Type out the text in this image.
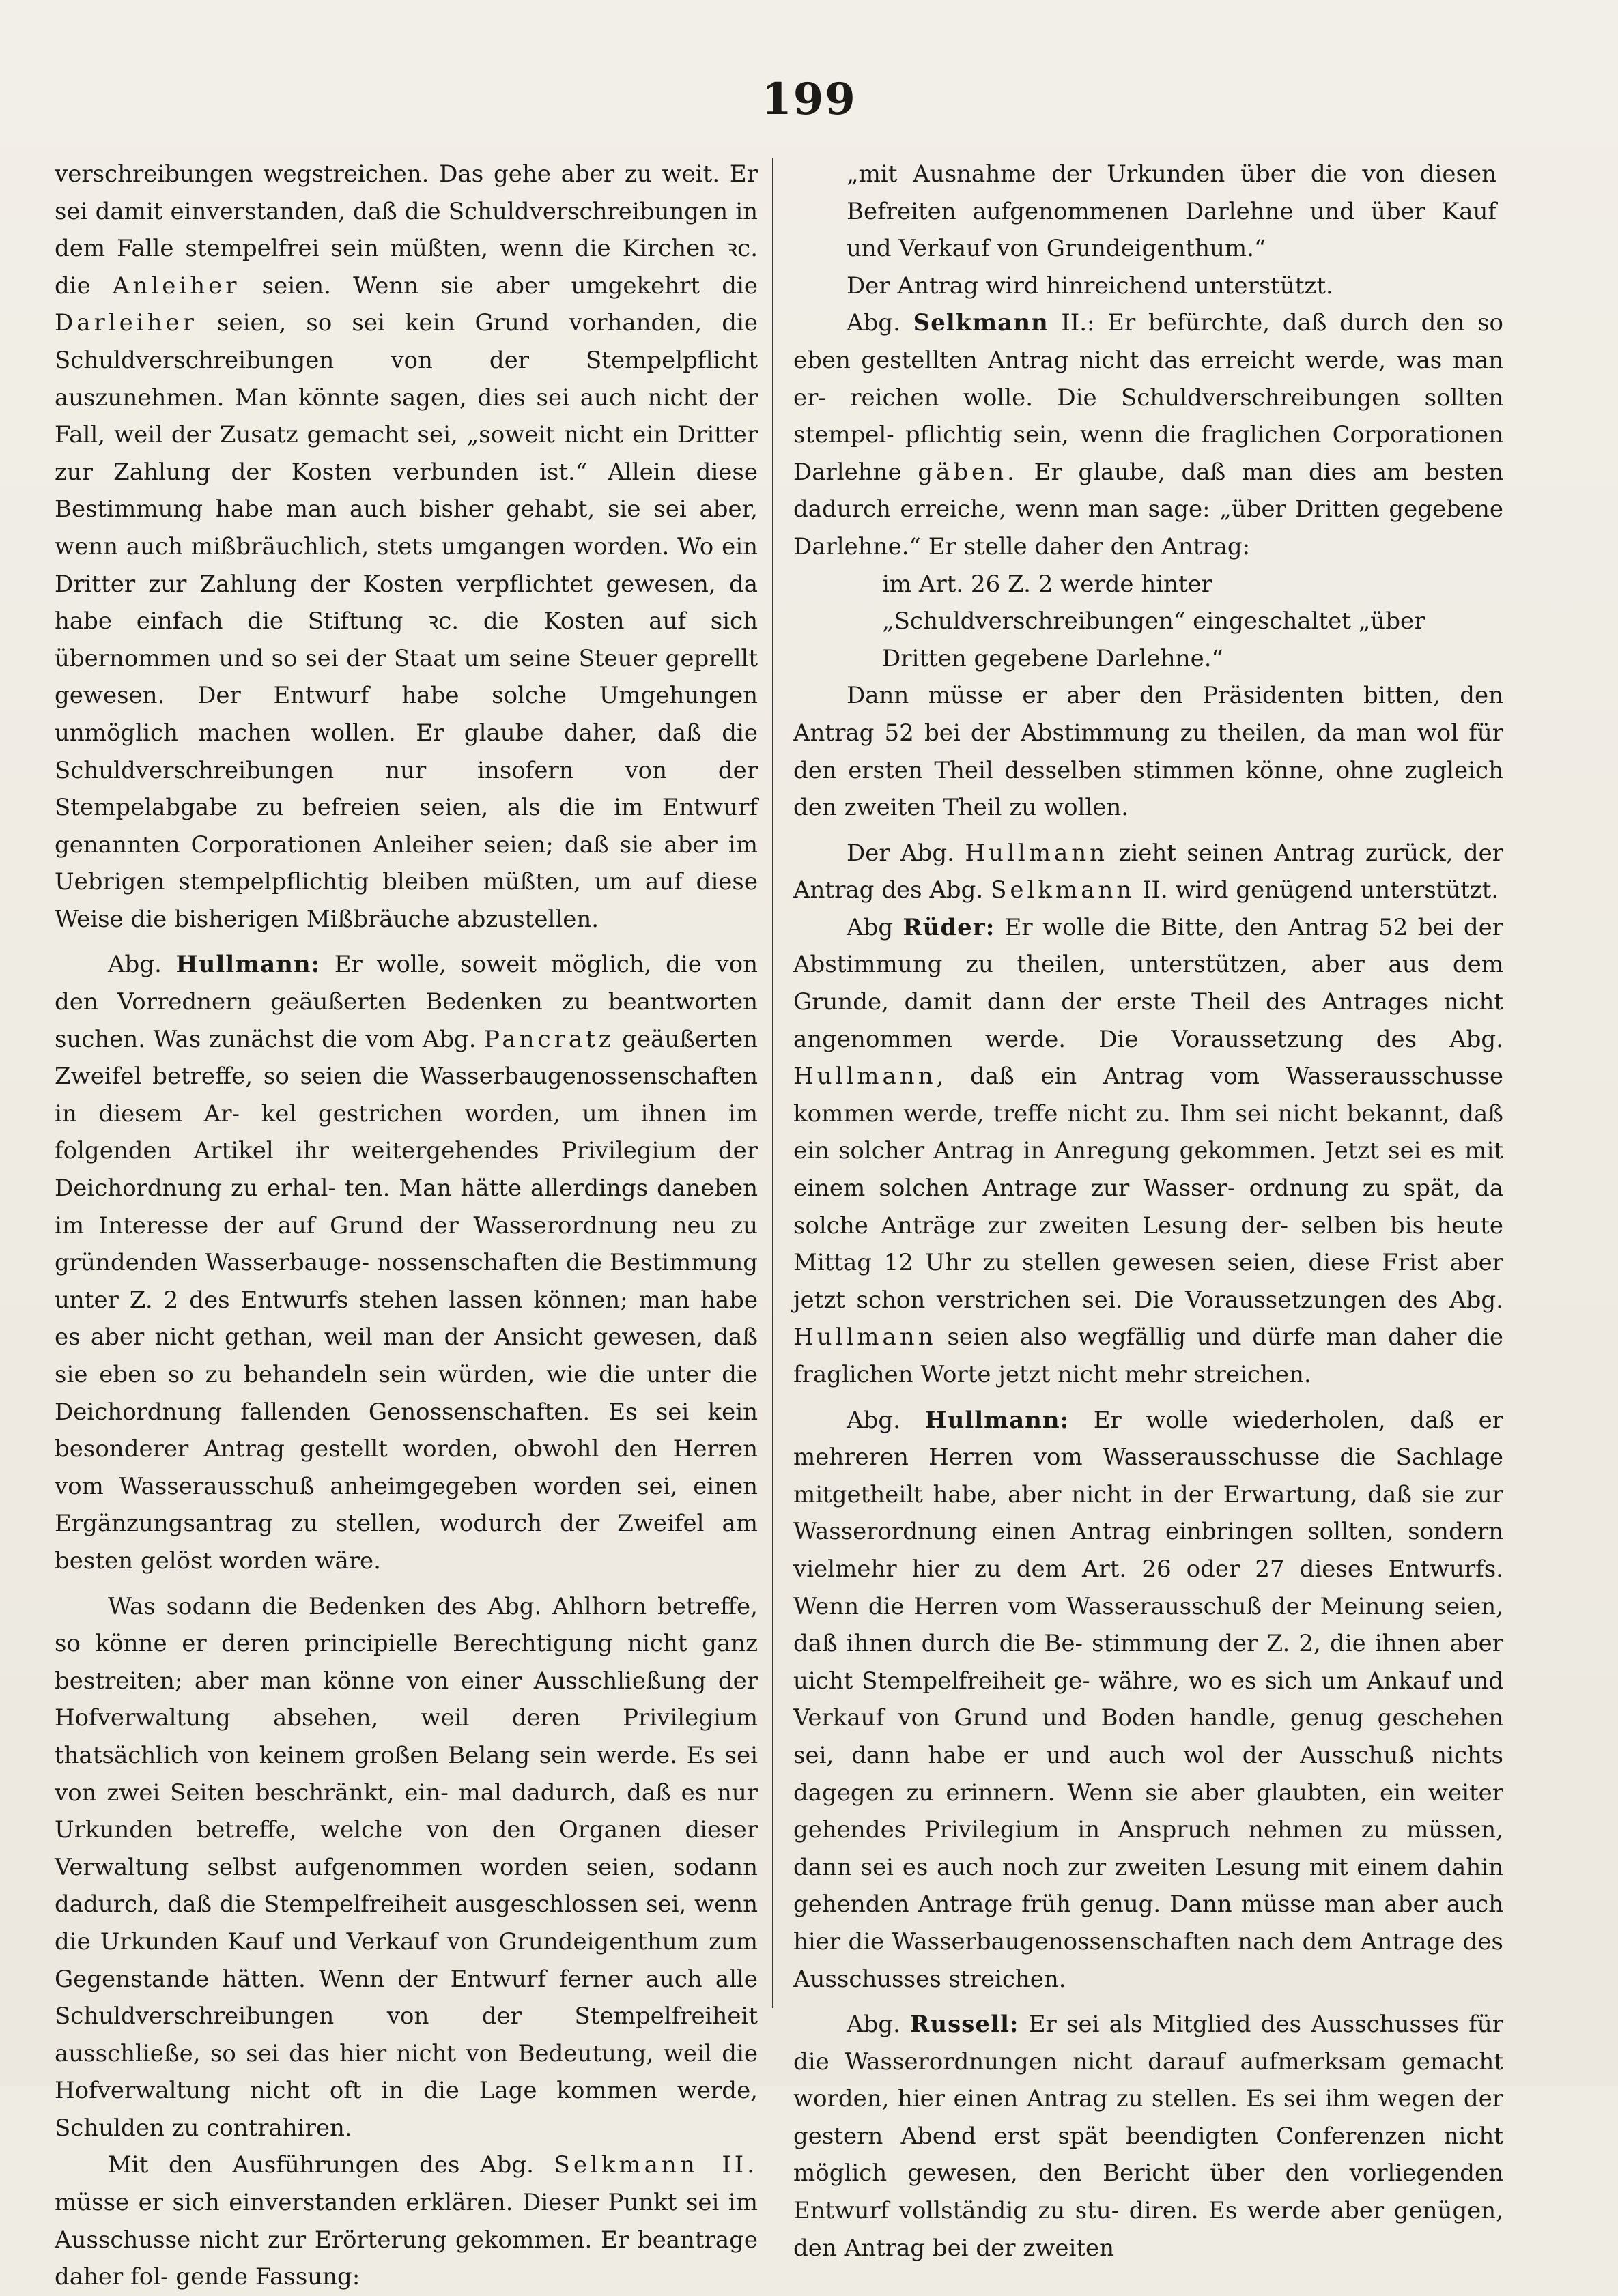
199

verschreibungen wegstreichen. Das gehe aber zu weit. Er sei damit einverstanden, daß die Schuldverschreibungen in dem Falle stempelfrei sein müßten, wenn die Kirchen ꝛc. die Anleiher seien. Wenn sie aber umgekehrt die Darleiher seien, so sei kein Grund vorhanden, die Schuldverschreibungen von der Stempelpflicht auszunehmen. Man könnte sagen, dies sei auch nicht der Fall, weil der Zusatz gemacht sei, „soweit nicht ein Dritter zur Zahlung der Kosten verbunden ist.“ Allein diese Bestimmung habe man auch bisher gehabt, sie sei aber, wenn auch mißbräuchlich, stets umgangen worden. Wo ein Dritter zur Zahlung der Kosten verpflichtet gewesen, da habe einfach die Stiftung ꝛc. die Kosten auf sich übernommen und so sei der Staat um seine Steuer geprellt gewesen. Der Entwurf habe solche Umgehungen unmöglich machen wollen. Er glaube daher, daß die Schuldverschreibungen nur insofern von der Stempelabgabe zu befreien seien, als die im Entwurf genannten Corporationen Anleiher seien; daß sie aber im Uebrigen stempelpflichtig bleiben müßten, um auf diese Weise die bisherigen Mißbräuche abzustellen.

Abg. Hullmann: Er wolle, soweit möglich, die von den Vorrednern geäußerten Bedenken zu beantworten suchen. Was zunächst die vom Abg. Pancratz geäußerten Zweifel betreffe, so seien die Wasserbaugenossenschaften in diesem Ar- kel gestrichen worden, um ihnen im folgenden Artikel ihr weitergehendes Privilegium der Deichordnung zu erhal- ten. Man hätte allerdings daneben im Interesse der auf Grund der Wasserordnung neu zu gründenden Wasserbauge- nossenschaften die Bestimmung unter Z. 2 des Entwurfs stehen lassen können; man habe es aber nicht gethan, weil man der Ansicht gewesen, daß sie eben so zu behandeln sein würden, wie die unter die Deichordnung fallenden Genossenschaften. Es sei kein besonderer Antrag gestellt worden, obwohl den Herren vom Wasserausschuß anheimgegeben worden sei, einen Ergänzungsantrag zu stellen, wodurch der Zweifel am besten gelöst worden wäre.

Was sodann die Bedenken des Abg. Ahlhorn betreffe, so könne er deren principielle Berechtigung nicht ganz bestreiten; aber man könne von einer Ausschließung der Hofverwaltung absehen, weil deren Privilegium thatsächlich von keinem großen Belang sein werde. Es sei von zwei Seiten beschränkt, ein- mal dadurch, daß es nur Urkunden betreffe, welche von den Organen dieser Verwaltung selbst aufgenommen worden seien, sodann dadurch, daß die Stempelfreiheit ausgeschlossen sei, wenn die Urkunden Kauf und Verkauf von Grundeigenthum zum Gegenstande hätten. Wenn der Entwurf ferner auch alle Schuldverschreibungen von der Stempelfreiheit ausschließe, so sei das hier nicht von Bedeutung, weil die Hofverwaltung nicht oft in die Lage kommen werde, Schulden zu contrahiren.

Mit den Ausführungen des Abg. Selkmann II. müsse er sich einverstanden erklären. Dieser Punkt sei im Ausschusse nicht zur Erörterung gekommen. Er beantrage daher fol- gende Fassung:

„mit Ausnahme der Urkunden über die von diesen Befreiten aufgenommenen Darlehne und über Kauf und Verkauf von Grundeigenthum.“

Der Antrag wird hinreichend unterstützt.

Abg. Selkmann II.: Er befürchte, daß durch den so eben gestellten Antrag nicht das erreicht werde, was man er- reichen wolle. Die Schuldverschreibungen sollten stempel- pflichtig sein, wenn die fraglichen Corporationen Darlehne gäben. Er glaube, daß man dies am besten dadurch erreiche, wenn man sage: „über Dritten gegebene Darlehne.“ Er stelle daher den Antrag:

im Art. 26 Z. 2 werde hinter „Schuldverschreibungen“ eingeschaltet „über Dritten gegebene Darlehne.“

Dann müsse er aber den Präsidenten bitten, den Antrag 52 bei der Abstimmung zu theilen, da man wol für den ersten Theil desselben stimmen könne, ohne zugleich den zweiten Theil zu wollen.

Der Abg. Hullmann zieht seinen Antrag zurück, der Antrag des Abg. Selkmann II. wird genügend unterstützt.

Abg Rüder: Er wolle die Bitte, den Antrag 52 bei der Abstimmung zu theilen, unterstützen, aber aus dem Grunde, damit dann der erste Theil des Antrages nicht angenommen werde. Die Voraussetzung des Abg. Hullmann, daß ein Antrag vom Wasserausschusse kommen werde, treffe nicht zu. Ihm sei nicht bekannt, daß ein solcher Antrag in Anregung gekommen. Jetzt sei es mit einem solchen Antrage zur Wasser- ordnung zu spät, da solche Anträge zur zweiten Lesung der- selben bis heute Mittag 12 Uhr zu stellen gewesen seien, diese Frist aber jetzt schon verstrichen sei. Die Voraussetzungen des Abg. Hullmann seien also wegfällig und dürfe man daher die fraglichen Worte jetzt nicht mehr streichen.

Abg. Hullmann: Er wolle wiederholen, daß er mehreren Herren vom Wasserausschusse die Sachlage mitgetheilt habe, aber nicht in der Erwartung, daß sie zur Wasserordnung einen Antrag einbringen sollten, sondern vielmehr hier zu dem Art. 26 oder 27 dieses Entwurfs. Wenn die Herren vom Wasserausschuß der Meinung seien, daß ihnen durch die Be- stimmung der Z. 2, die ihnen aber uicht Stempelfreiheit ge- währe, wo es sich um Ankauf und Verkauf von Grund und Boden handle, genug geschehen sei, dann habe er und auch wol der Ausschuß nichts dagegen zu erinnern. Wenn sie aber glaubten, ein weiter gehendes Privilegium in Anspruch nehmen zu müssen, dann sei es auch noch zur zweiten Lesung mit einem dahin gehenden Antrage früh genug. Dann müsse man aber auch hier die Wasserbaugenossenschaften nach dem Antrage des Ausschusses streichen.

Abg. Russell: Er sei als Mitglied des Ausschusses für die Wasserordnungen nicht darauf aufmerksam gemacht worden, hier einen Antrag zu stellen. Es sei ihm wegen der gestern Abend erst spät beendigten Conferenzen nicht möglich gewesen, den Bericht über den vorliegenden Entwurf vollständig zu stu- diren. Es werde aber genügen, den Antrag bei der zweiten
